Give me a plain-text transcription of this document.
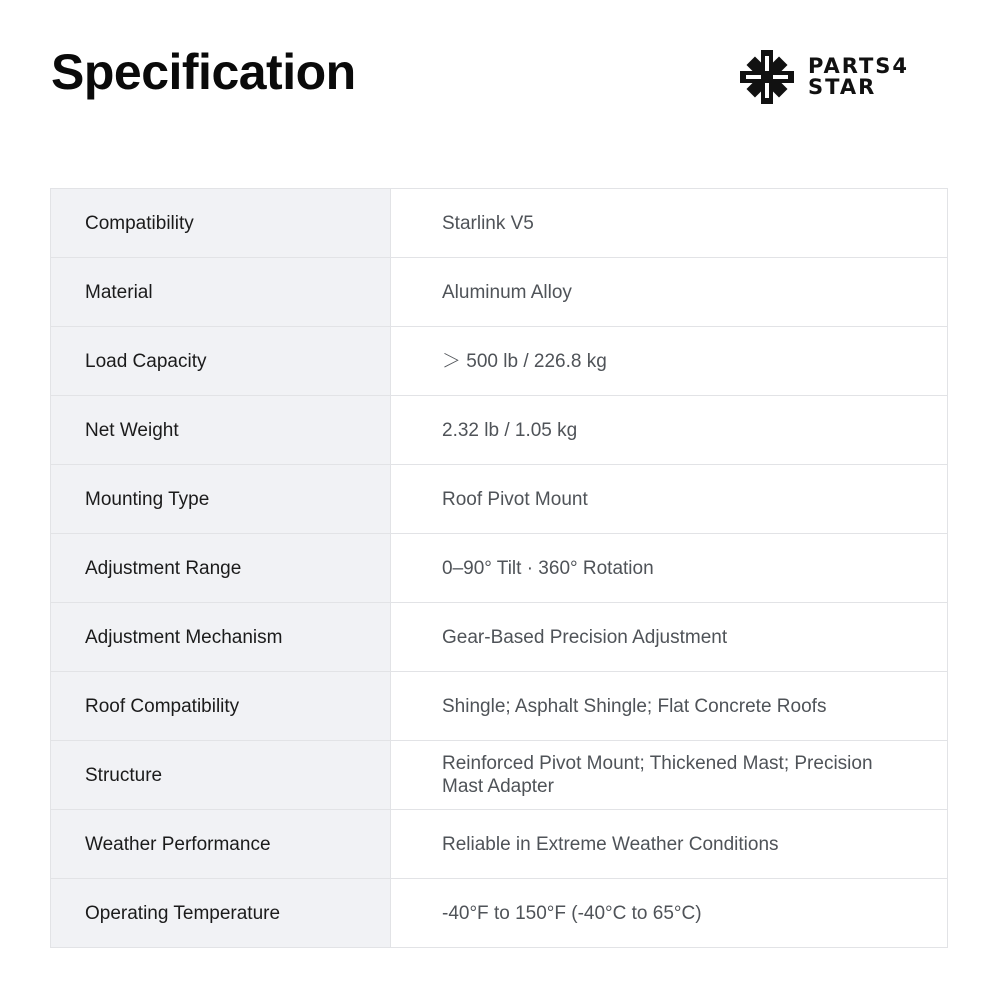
Specification	PARTS4
STAR
Compatibility	Starlink V5
Material	Aluminum Alloy
Load Capacity	＞ 500 lb / 226.8 kg
Net Weight	2.32 lb / 1.05 kg
Mounting Type	Roof Pivot Mount
Adjustment Range	0–90° Tilt · 360° Rotation
Adjustment Mechanism	Gear-Based Precision Adjustment
Roof Compatibility	Shingle; Asphalt Shingle; Flat Concrete Roofs
Structure	Reinforced Pivot Mount; Thickened Mast; Precision Mast Adapter
Weather Performance	Reliable in Extreme Weather Conditions
Operating Temperature	-40°F to 150°F (-40°C to 65°C)
